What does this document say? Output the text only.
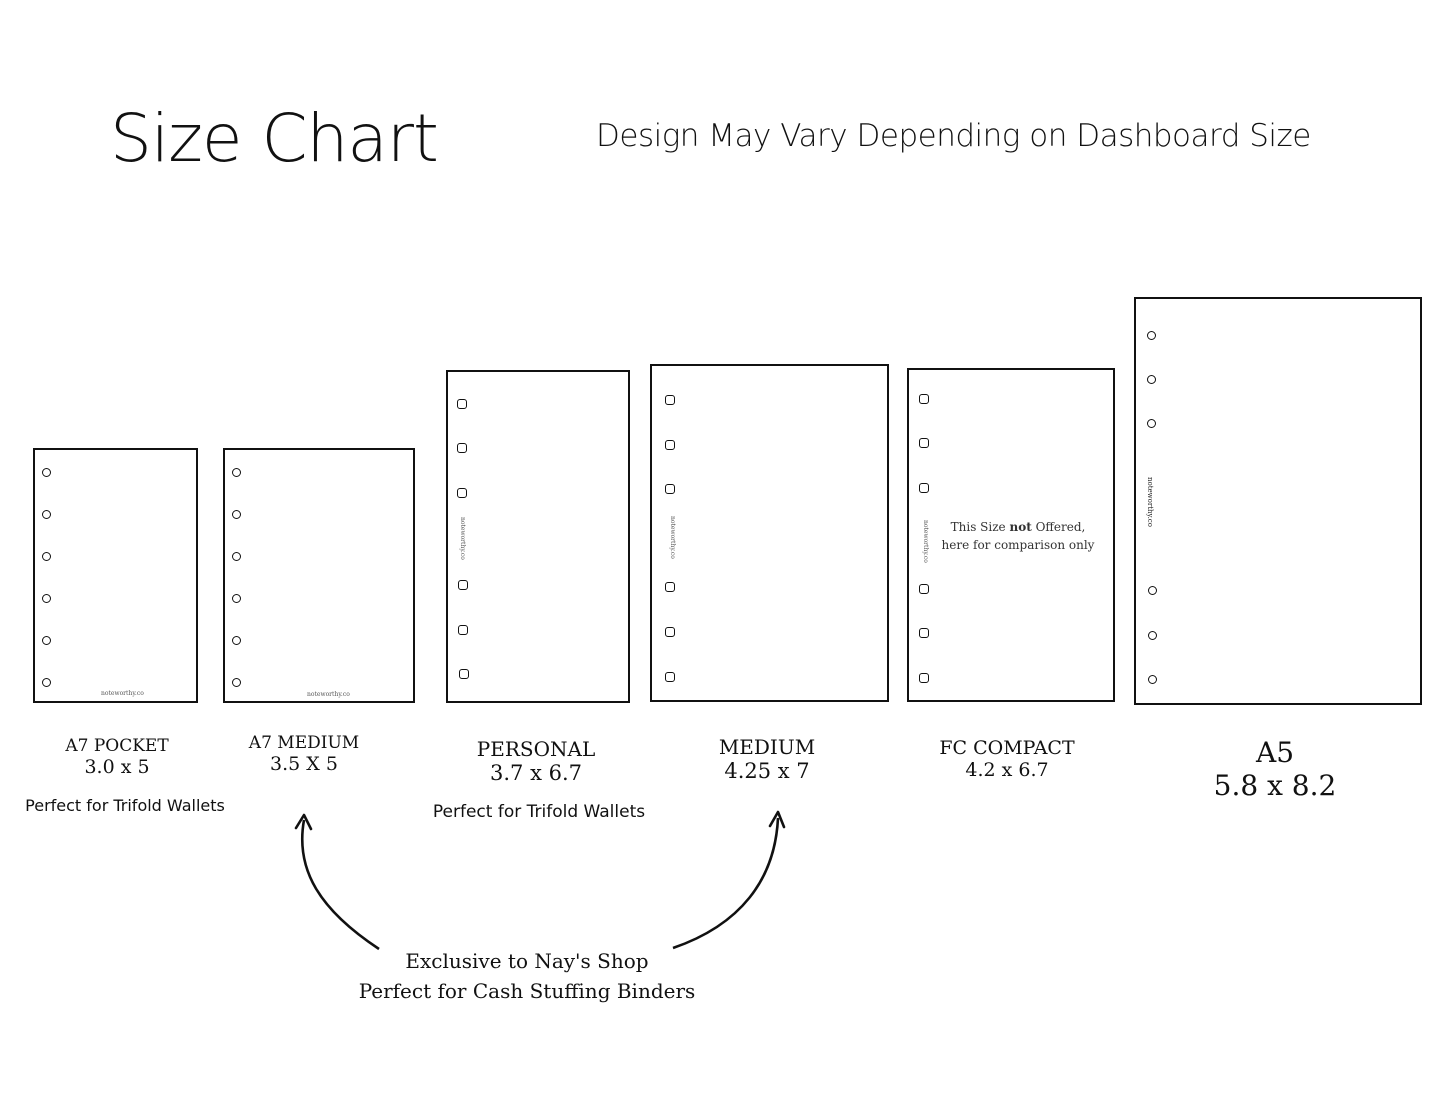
Size Chart	Design May Vary Depending on Dashboard Size
noteworthy.co	noteworthy.co
noteworthy.co	noteworthy.co	noteworthy.co	This Size not Offered,
here for comparison only
noteworthy.co
A7 POCKET
3.0 x 5
Perfect for Trifold Wallets
A7 MEDIUM
3.5 X 5
PERSONAL
3.7 x 6.7
Perfect for Trifold Wallets
MEDIUM
4.25 x 7
FC COMPACT
4.2 x 6.7
A5
5.8 x 8.2
Exclusive to Nay's Shop
Perfect for Cash Stuffing Binders
